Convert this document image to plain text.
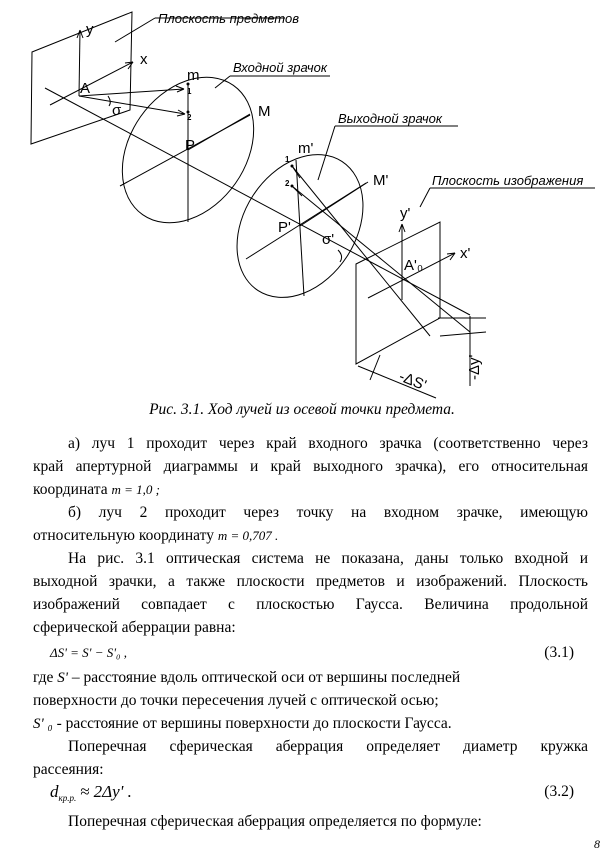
Плоскость предметов
Входной зрачок
Выходной зрачок
Плоскость изображения
y
x
A
σ
m
1
2	M
P	m'
1
2	M'
P'
σ'
y'
x'
A'₀
-Δy'
-ΔS'
Рис. 3.1. Ход лучей из осевой точки предмета.
а) луч 1 проходит через край входного зрачка (соответственно через
край апертурной диаграммы и край выходного зрачка), его относительная
координата m = 1,0 ;
б) луч 2 проходит через точку на входном зрачке, имеющую
относительную координату m = 0,707 .
На рис. 3.1 оптическая система не показана, даны только входной и
выходной зрачки, а также плоскости предметов и изображений. Плоскость
изображений совпадает с плоскостью Гаусса. Величина продольной
сферической аберрации равна:
ΔS' = S' − S'₀ ,	(3.1)
где S' – расстояние вдоль оптической оси от вершины последней
поверхности до точки пересечения лучей с оптической осью;
S' ₀ - расстояние от вершины поверхности до плоскости Гаусса.
Поперечная сферическая аберрация определяет диаметр кружка
рассеяния:
$d_{кр.р.} \approx 2\Delta y'$ .	(3.2)
Поперечная сферическая аберрация определяется по формуле:
8
